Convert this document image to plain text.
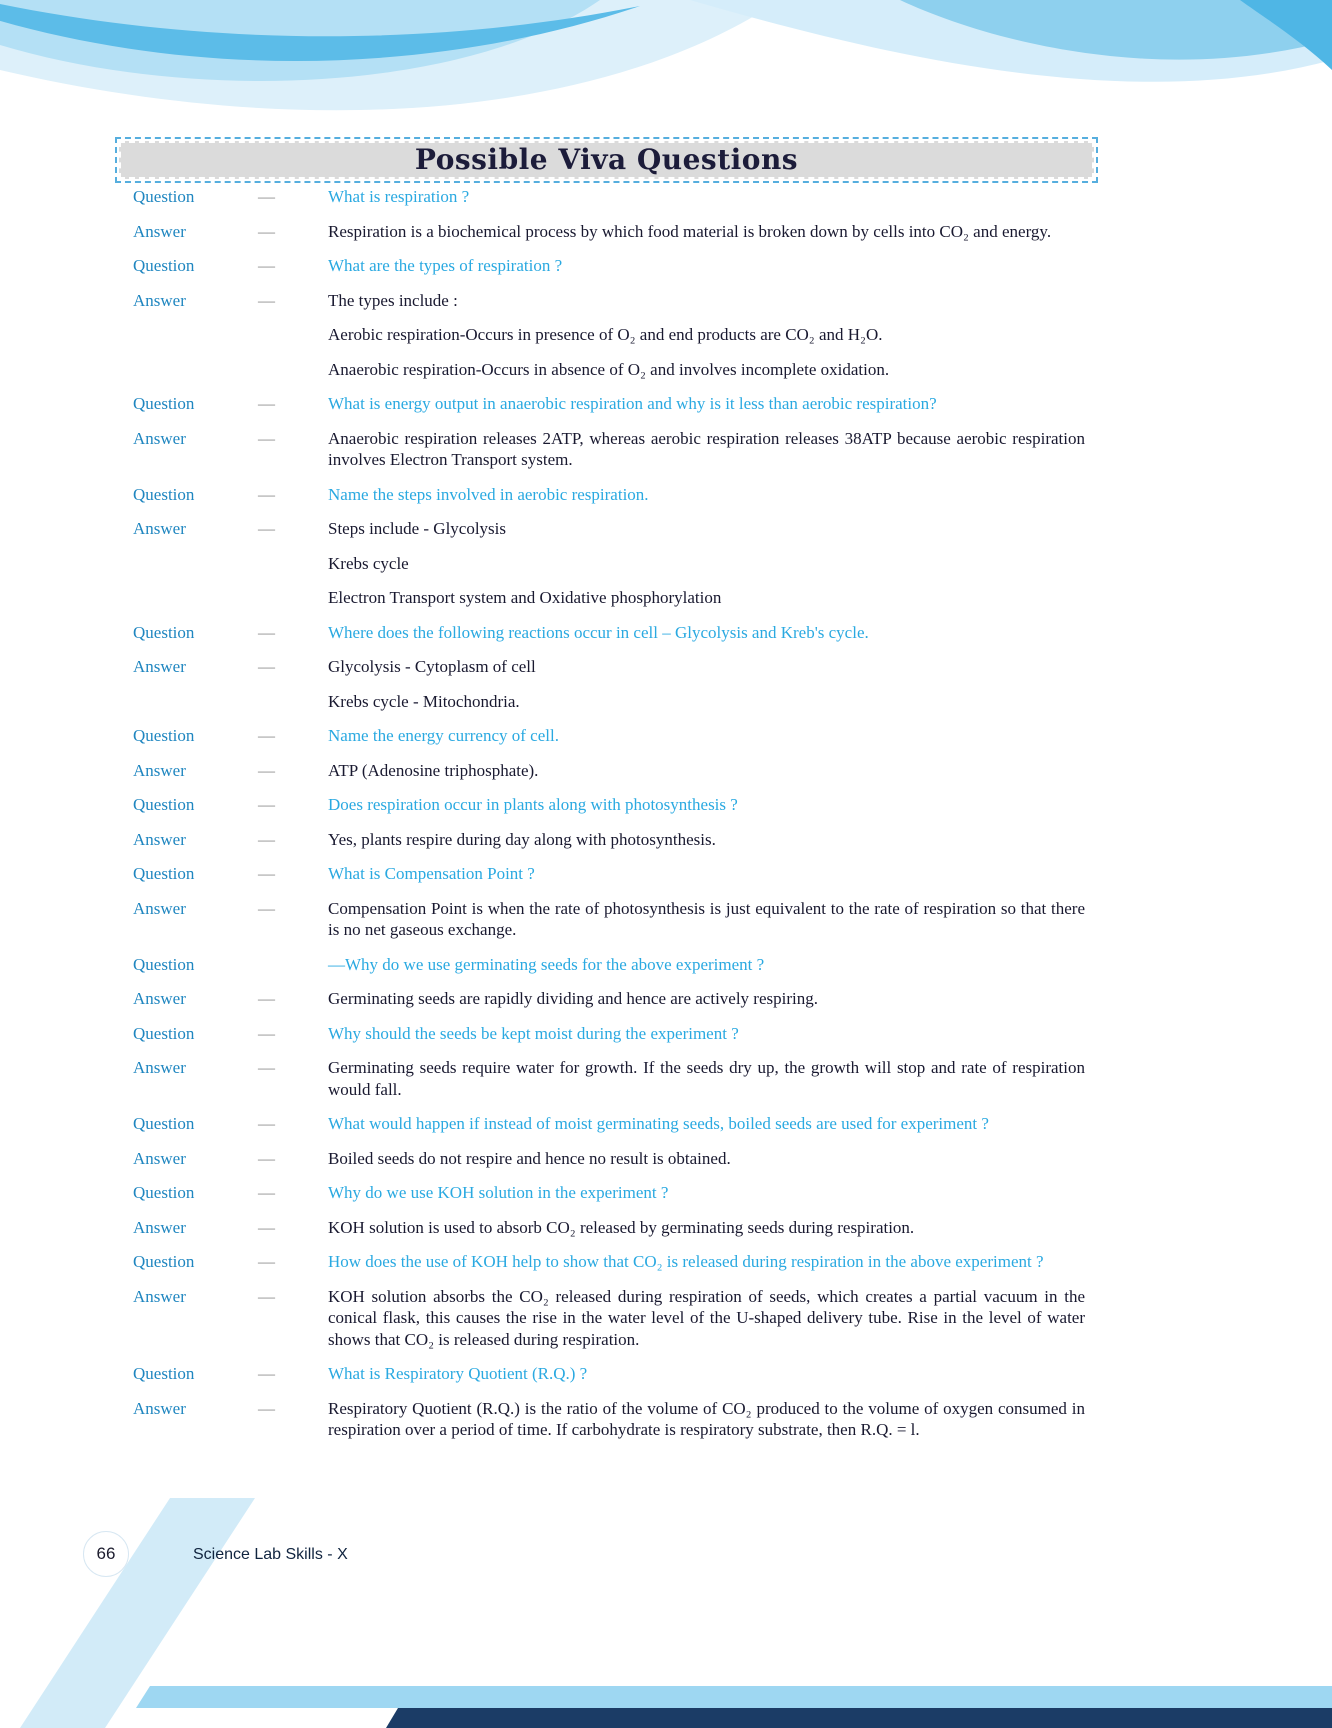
Possible Viva Questions
Question	—	What is respiration ?
Answer	—	Respiration is a biochemical process by which food material is broken down by cells into CO₂ and energy.
Question	—	What are the types of respiration ?
Answer	—	The types include :
Aerobic respiration-Occurs in presence of O₂ and end products are CO₂ and H₂O.
Anaerobic respiration-Occurs in absence of O₂ and involves incomplete oxidation.
Question	—	What is energy output in anaerobic respiration and why is it less than aerobic respiration?
Answer	—	Anaerobic respiration releases 2ATP, whereas aerobic respiration releases 38ATP because aerobic respiration involves Electron Transport system.
Question	—	Name the steps involved in aerobic respiration.
Answer	—	Steps include - Glycolysis
Krebs cycle
Electron Transport system and Oxidative phosphorylation
Question	—	Where does the following reactions occur in cell – Glycolysis and Kreb's cycle.
Answer	—	Glycolysis - Cytoplasm of cell
Krebs cycle - Mitochondria.
Question	—	Name the energy currency of cell.
Answer	—	ATP (Adenosine triphosphate).
Question	—	Does respiration occur in plants along with photosynthesis ?
Answer	—	Yes, plants respire during day along with photosynthesis.
Question	—	What is Compensation Point ?
Answer	—	Compensation Point is when the rate of photosynthesis is just equivalent to the rate of respiration so that there is no net gaseous exchange.
Question	—Why do we use germinating seeds for the above experiment ?
Answer	—	Germinating seeds are rapidly dividing and hence are actively respiring.
Question	—	Why should the seeds be kept moist during the experiment ?
Answer	—	Germinating seeds require water for growth. If the seeds dry up, the growth will stop and rate of respiration would fall.
Question	—	What would happen if instead of moist germinating seeds, boiled seeds are used for experiment ?
Answer	—	Boiled seeds do not respire and hence no result is obtained.
Question	—	Why do we use KOH solution in the experiment ?
Answer	—	KOH solution is used to absorb CO₂ released by germinating seeds during respiration.
Question	—	How does the use of KOH help to show that CO₂ is released during respiration in the above experiment ?
Answer	—	KOH solution absorbs the CO₂ released during respiration of seeds, which creates a partial vacuum in the conical flask, this causes the rise in the water level of the U-shaped delivery tube. Rise in the level of water shows that CO₂ is released during respiration.
Question	—	What is Respiratory Quotient (R.Q.) ?
Answer	—	Respiratory Quotient (R.Q.) is the ratio of the volume of CO₂ produced to the volume of oxygen consumed in respiration over a period of time. If carbohydrate is respiratory substrate, then R.Q. = l.
66	Science Lab Skills - X
